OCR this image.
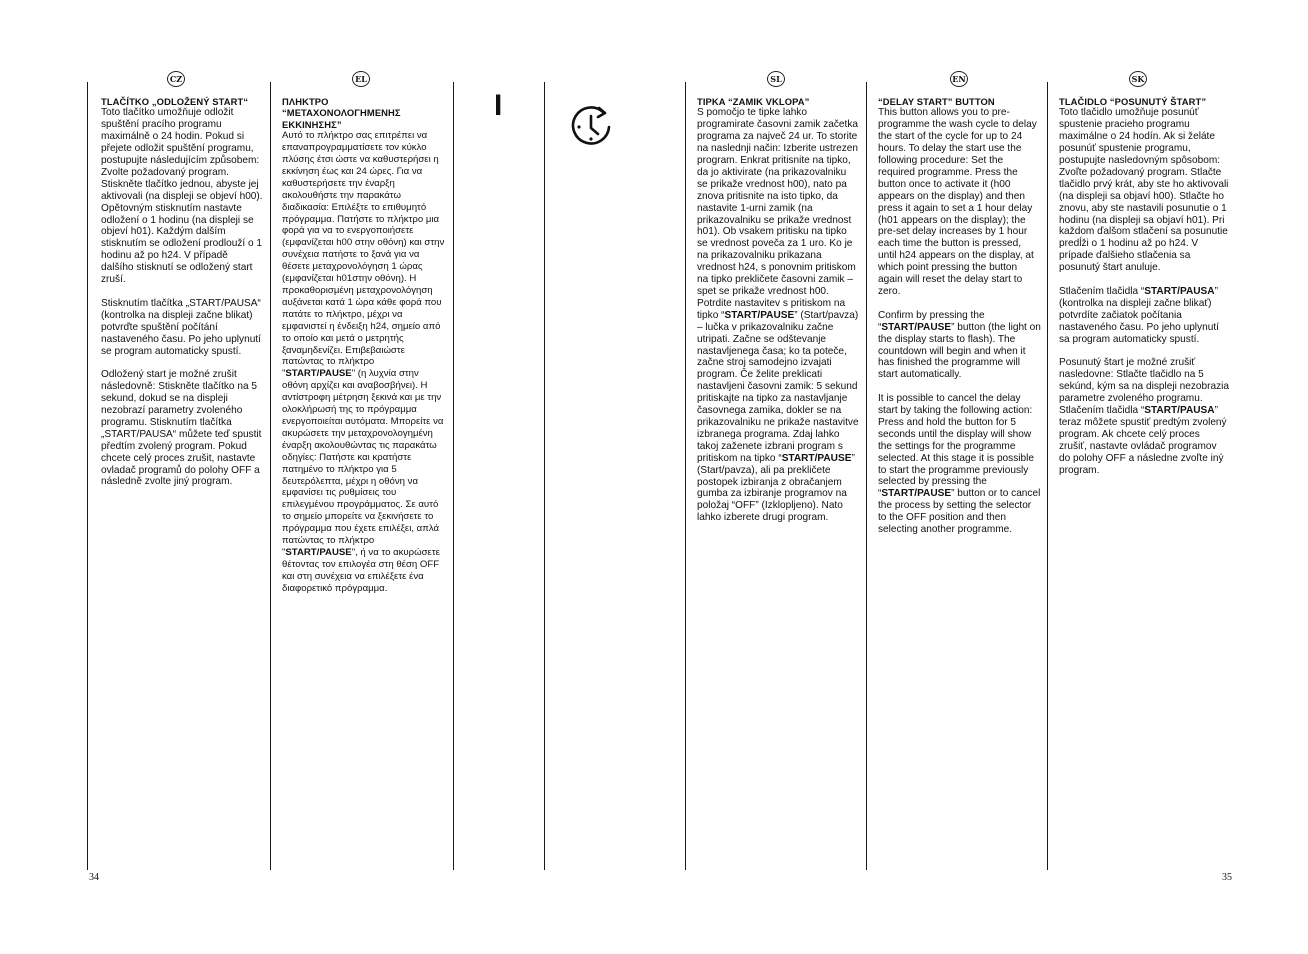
CZ	EL	SL	EN	SK
I
TLAČÍTKO „ODLOŽENÝ START“

Toto tlačítko umožňuje odložit spuštění pracího programu maximálně o 24 hodin. Pokud si přejete odložit spuštění programu, postupujte následujícím způsobem: Zvolte požadovaný program. Stiskněte tlačítko jednou, abyste jej aktivovali (na displeji se objeví h00). Opětovným stisknutím nastavte odložení o 1 hodinu (na displeji se objeví h01). Každým dalším stisknutím se odložení prodlouží o 1 hodinu až po h24. V případě dalšího stisknutí se odložený start zruší.

Stisknutím tlačítka „START/PAUSA“ (kontrolka na displeji začne blikat) potvrďte spuštění počítání nastaveného času. Po jeho uplynutí se program automaticky spustí.

Odložený start je možné zrušit následovně: Stiskněte tlačítko na 5 sekund, dokud se na displeji nezobrazí parametry zvoleného programu. Stisknutím tlačítka „START/PAUSA“ můžete teď spustit předtím zvolený program. Pokud chcete celý proces zrušit, nastavte ovladač programů do polohy OFF a následně zvolte jiný program.

ΠΛΗΚΤΡΟ “ΜΕΤΑΧΟΝΟΛΟΓΗΜΕΝΗΣ ΕΚΚΙΝΗΣΗΣ”

Αυτό το πλήκτρο σας επιτρέπει να επαναπρογραμματίσετε τον κύκλο πλύσης έτσι ώστε να καθυστερήσει η εκκίνηση έως και 24 ώρες. Για να καθυστερήσετε την έναρξη ακολουθήστε την παρακάτω διαδικασία: Επιλέξτε το επιθυμητό πρόγραμμα. Πατήστε το πλήκτρο μια φορά για να το ενεργοποιήσετε (εμφανίζεται h00 στην οθόνη) και στην συνέχεια πατήστε το ξανά για να θέσετε μεταχρονολόγηση 1 ώρας (εμφανίζεται h01στην οθόνη). Η προκαθορισμένη μεταχρονολόγηση αυξάνεται κατά 1 ώρα κάθε φορά που πατάτε το πλήκτρο, μέχρι να εμφανιστεί η ένδειξη h24, σημείο από το οποίο και μετά ο μετρητής ξαναμηδενίζει. Επιβεβαιώστε πατώντας το πλήκτρο "START/PAUSE" (η λυχνία στην οθόνη αρχίζει και αναβοσβήνει). Η αντίστροφη μέτρηση ξεκινά και με την ολοκλήρωσή της το πρόγραμμα ενεργοποιείται αυτόματα. Μπορείτε να ακυρώσετε την μεταχρονολογημένη έναρξη ακολουθώντας τις παρακάτω οδηγίες: Πατήστε και κρατήστε πατημένο το πλήκτρο για 5 δευτερόλεπτα, μέχρι η οθόνη να εμφανίσει τις ρυθμίσεις του επιλεγμένου προγράμματος. Σε αυτό το σημείο μπορείτε να ξεκινήσετε το πρόγραμμα που έχετε επιλέξει, απλά πατώντας το πλήκτρο "START/PAUSE", ή να το ακυρώσετε θέτοντας τον επιλογέα στη θέση OFF και στη συνέχεια να επιλέξετε ένα διαφορετικό πρόγραμμα.

TIPKA “ZAMIK VKLOPA”

S pomočjo te tipke lahko programirate časovni zamik začetka programa za največ 24 ur. To storite na naslednji način: Izberite ustrezen program. Enkrat pritisnite na tipko, da jo aktivirate (na prikazovalniku se prikaže vrednost h00), nato pa znova pritisnite na isto tipko, da nastavite 1-urni zamik (na prikazovalniku se prikaže vrednost h01). Ob vsakem pritisku na tipko se vrednost poveča za 1 uro. Ko je na prikazovalniku prikazana vrednost h24, s ponovnim pritiskom na tipko prekličete časovni zamik – spet se prikaže vrednost h00. Potrdite nastavitev s pritiskom na tipko “START/PAUSE” (Start/pavza) – lučka v prikazovalniku začne utripati. Začne se odštevanje nastavljenega časa; ko ta poteče, začne stroj samodejno izvajati program. Če želite preklicati nastavljeni časovni zamik: 5 sekund pritiskajte na tipko za nastavljanje časovnega zamika, dokler se na prikazovalniku ne prikaže nastavitve izbranega programa. Zdaj lahko takoj zaženete izbrani program s pritiskom na tipko “START/PAUSE” (Start/pavza), ali pa prekličete postopek izbiranja z obračanjem gumba za izbiranje programov na položaj “OFF” (Izklopljeno). Nato lahko izberete drugi program.

“DELAY START” BUTTON

This button allows you to pre-programme the wash cycle to delay the start of the cycle for up to 24 hours. To delay the start use the following procedure: Set the required programme. Press the button once to activate it (h00 appears on the display) and then press it again to set a 1 hour delay (h01 appears on the display); the pre-set delay increases by 1 hour each time the button is pressed, until h24 appears on the display, at which point pressing the button again will reset the delay start to zero.

Confirm by pressing the “START/PAUSE” button (the light on the display starts to flash). The countdown will begin and when it has finished the programme will start automatically.

It is possible to cancel the delay start by taking the following action: Press and hold the button for 5 seconds until the display will show the settings for the programme selected. At this stage it is possible to start the programme previously selected by pressing the “START/PAUSE” button or to cancel the process by setting the selector to the OFF position and then selecting another programme.

TLAČIDLO “POSUNUTÝ ŠTART”

Toto tlačidlo umožňuje posunúť spustenie pracieho programu maximálne o 24 hodín. Ak si želáte posunúť spustenie programu, postupujte nasledovným spôsobom: Zvoľte požadovaný program. Stlačte tlačidlo prvý krát, aby ste ho aktivovali (na displeji sa objaví h00). Stlačte ho znovu, aby ste nastavili posunutie o 1 hodinu (na displeji sa objaví h01). Pri každom ďalšom stlačení sa posunutie predĺži o 1 hodinu až po h24. V prípade ďalšieho stlačenia sa posunutý štart anuluje.

Stlačením tlačidla “START/PAUSA” (kontrolka na displeji začne blikať) potvrdíte začiatok počítania nastaveného času. Po jeho uplynutí sa program automaticky spustí.

Posunutý štart je možné zrušiť nasledovne: Stlačte tlačidlo na 5 sekúnd, kým sa na displeji nezobrazia parametre zvoleného programu. Stlačením tlačidla “START/PAUSA” teraz môžete spustiť predtým zvolený program. Ak chcete celý proces zrušiť, nastavte ovládač programov do polohy OFF a následne zvoľte iný program.

34	35
